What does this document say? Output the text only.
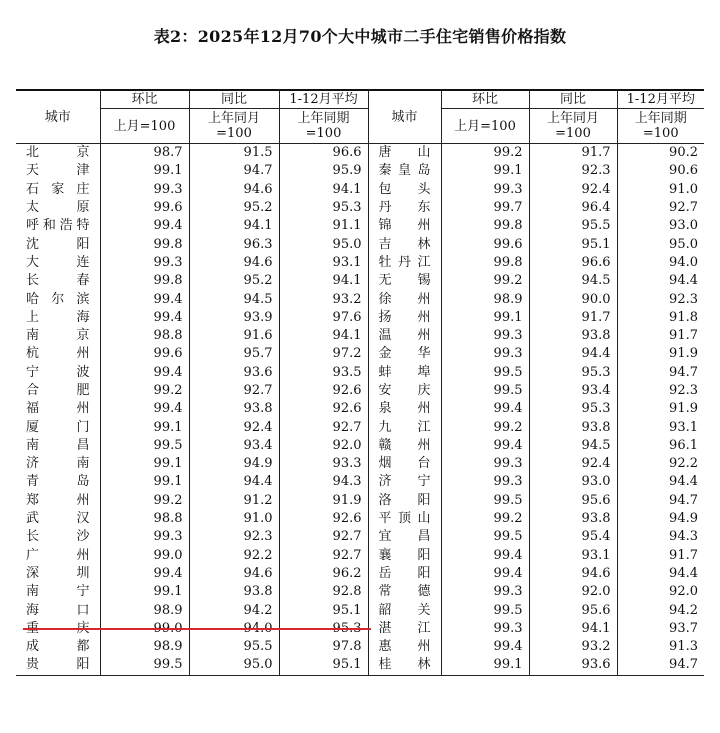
表2：2025年12月70个大中城市二手住宅销售价格指数
城市	环比	同比	1-12月平均	城市	环比	同比	1-12月平均
	上月=100	上年同月
=100	上年同期
=100		上月=100	上年同月
=100	上年同期
=100

北京	98.7	91.5	96.6	唐山	99.2	91.7	90.2

天津	99.1	94.7	95.9	秦皇岛	99.1	92.3	90.6

石家庄	99.3	94.6	94.1	包头	99.3	92.4	91.0

太原	99.6	95.2	95.3	丹东	99.7	96.4	92.7

呼和浩特	99.4	94.1	91.1	锦州	99.8	95.5	93.0

沈阳	99.8	96.3	95.0	吉林	99.6	95.1	95.0

大连	99.3	94.6	93.1	牡丹江	99.8	96.6	94.0

长春	99.8	95.2	94.1	无锡	99.2	94.5	94.4

哈尔滨	99.4	94.5	93.2	徐州	98.9	90.0	92.3

上海	99.4	93.9	97.6	扬州	99.1	91.7	91.8

南京	98.8	91.6	94.1	温州	99.3	93.8	91.7

杭州	99.6	95.7	97.2	金华	99.3	94.4	91.9

宁波	99.4	93.6	93.5	蚌埠	99.5	95.3	94.7

合肥	99.2	92.7	92.6	安庆	99.5	93.4	92.3

福州	99.4	93.8	92.6	泉州	99.4	95.3	91.9

厦门	99.1	92.4	92.7	九江	99.2	93.8	93.1

南昌	99.5	93.4	92.0	赣州	99.4	94.5	96.1

济南	99.1	94.9	93.3	烟台	99.3	92.4	92.2

青岛	99.1	94.4	94.3	济宁	99.3	93.0	94.4

郑州	99.2	91.2	91.9	洛阳	99.5	95.6	94.7

武汉	98.8	91.0	92.6	平顶山	99.2	93.8	94.9

长沙	99.3	92.3	92.7	宜昌	99.5	95.4	94.3

广州	99.0	92.2	92.7	襄阳	99.4	93.1	91.7

深圳	99.4	94.6	96.2	岳阳	99.4	94.6	94.4

南宁	99.1	93.8	92.8	常德	99.3	92.0	92.0

海口	98.9	94.2	95.1	韶关	99.5	95.6	94.2

重庆	99.0	94.0	95.3	湛江	99.3	94.1	93.7

成都	98.9	95.5	97.8	惠州	99.4	93.2	91.3

贵阳	99.5	95.0	95.1	桂林	99.1	93.6	94.7
